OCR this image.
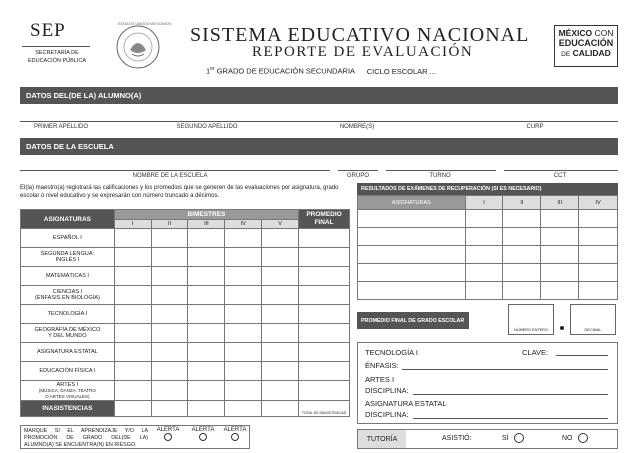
SEP
SECRETARÍA DE
EDUCACIÓN PÚBLICA
ESTADOS UNIDOS MEXICANOS SISTEMA EDUCATIVO NACIONAL
REPORTE DE EVALUACIÓN
1er GRADO DE EDUCACIÓN SECUNDARIA CICLO ESCOLAR ...
MÉXICO CON
EDUCACIÓN
DE CALIDAD
DATOS DEL(DE LA) ALUMNO(A)
PRIMER APELLIDO	SEGUNDO APELLIDO	NOMBRE(S)	CURP
DATOS DE LA ESCUELA
NOMBRE DE LA ESCUELA	GRUPO	TURNO	CCT
El(la) maestro(a) registrará las calificaciones y los promedios que se generen de las evaluaciones por asignatura, grado escolar o nivel educativo y se expresarán con número truncado a décimos.
ASIGNATURAS	BIMESTRES					PROMEDIO
FINAL

	I	II	III	IV	V	
ESPAÑOL I						

SEGUNDA LENGUA:
INGLÉS I						

MATEMÁTICAS I						

CIENCIAS I
(ÉNFASIS EN BIOLOGÍA)						

TECNOLOGÍA I						

GEOGRAFÍA DE MÉXICO
Y DEL MUNDO						

ASIGNATURA ESTATAL						
EDUCACIÓN FÍSICA I						

ARTES I
(MÚSICA, DANZA, TEATRO
O ARTES VISUALES)						

INASISTENCIAS						TOTAL DE INASISTENCIAS
MARQUE SI EL APRENDIZAJE Y/O LA PROMOCIÓN DE GRADO DEL(DE LA) ALUMNO(A) SE ENCUENTRA(N) EN RIESGO.
ALERTA	ALERTA	ALERTA
RESULTADOS DE EXÁMENES DE RECUPERACIÓN (SI ES NECESARIO)
ASIGNATURAS	I	II	III	IV

PROMEDIO FINAL DE GRADO ESCOLAR
NÚMERO ENTERO	DECIMAL
TECNOLOGÍA I	CLAVE:
ÉNFASIS:
ARTES I
DISCIPLINA:
ASIGNATURA ESTATAL
DISCIPLINA:
TUTORÍA	ASISTIÓ:	SÍ	NO
